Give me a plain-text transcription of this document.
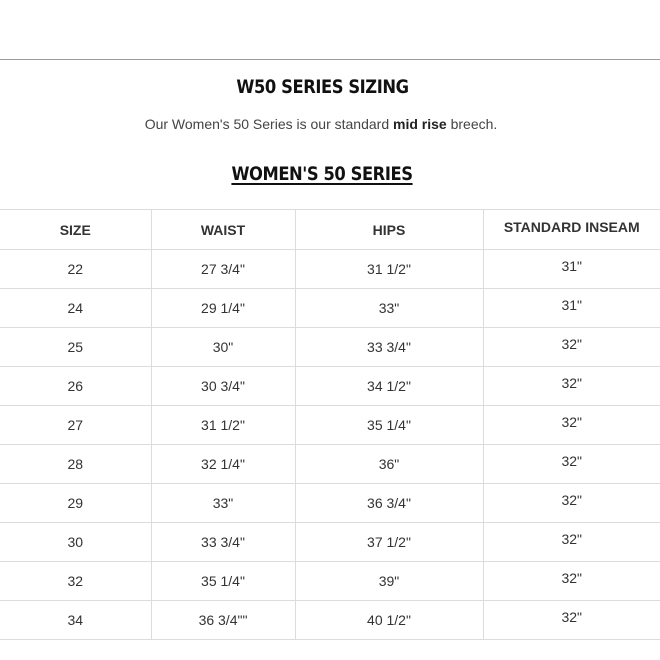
W50 SERIES SIZING
Our Women's 50 Series is our standard mid rise breech.
WOMEN'S 50 SERIES
SIZE	WAIST	HIPS	STANDARD INSEAM
22	27 3/4"	31 1/2"	31"
24	29 1/4"	33"	31"
25	30"	33 3/4"	32"
26	30 3/4"	34 1/2"	32"
27	31 1/2"	35 1/4"	32"
28	32 1/4"	36"	32"
29	33"	36 3/4"	32"
30	33 3/4"	37 1/2"	32"
32	35 1/4"	39"	32"
34	36 3/4""	40 1/2"	32"
